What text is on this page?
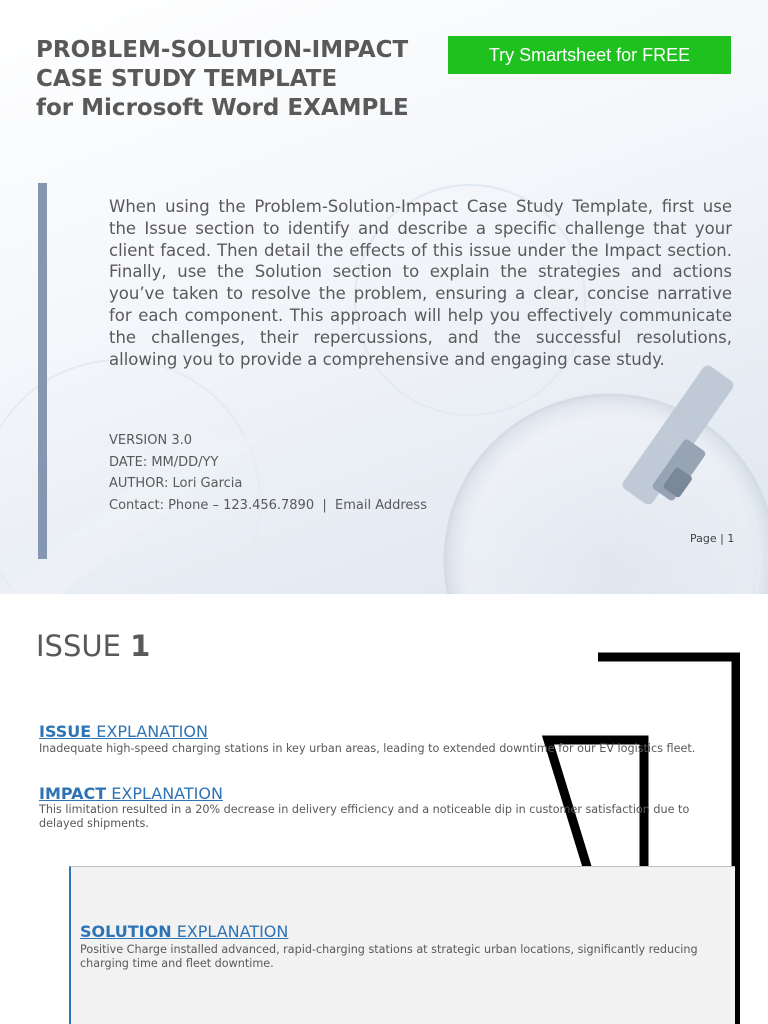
PROBLEM-SOLUTION-IMPACT
CASE STUDY TEMPLATE
for Microsoft Word EXAMPLE
Try Smartsheet for FREE

When using the Problem-Solution-Impact Case Study Template, first use the Issue section to identify and describe a specific challenge that your client faced. Then detail the effects of this issue under the Impact section. Finally, use the Solution section to explain the strategies and actions you’ve taken to resolve the problem, ensuring a clear, concise narrative for each component. This approach will help you effectively communicate the challenges, their repercussions, and the successful resolutions, allowing you to provide a comprehensive and engaging case study.

VERSION 3.0
DATE: MM/DD/YY
AUTHOR: Lori Garcia
Contact: Phone – 123.456.7890  |  Email Address
Page | 1
ISSUE 1
ISSUE EXPLANATION

Inadequate high-speed charging stations in key urban areas, leading to extended downtime for our EV logistics fleet.

IMPACT EXPLANATION

This limitation resulted in a 20% decrease in delivery efficiency and a noticeable dip in customer satisfaction due to delayed shipments.

SOLUTION EXPLANATION

Positive Charge installed advanced, rapid-charging stations at strategic urban locations, significantly reducing charging time and fleet downtime.
